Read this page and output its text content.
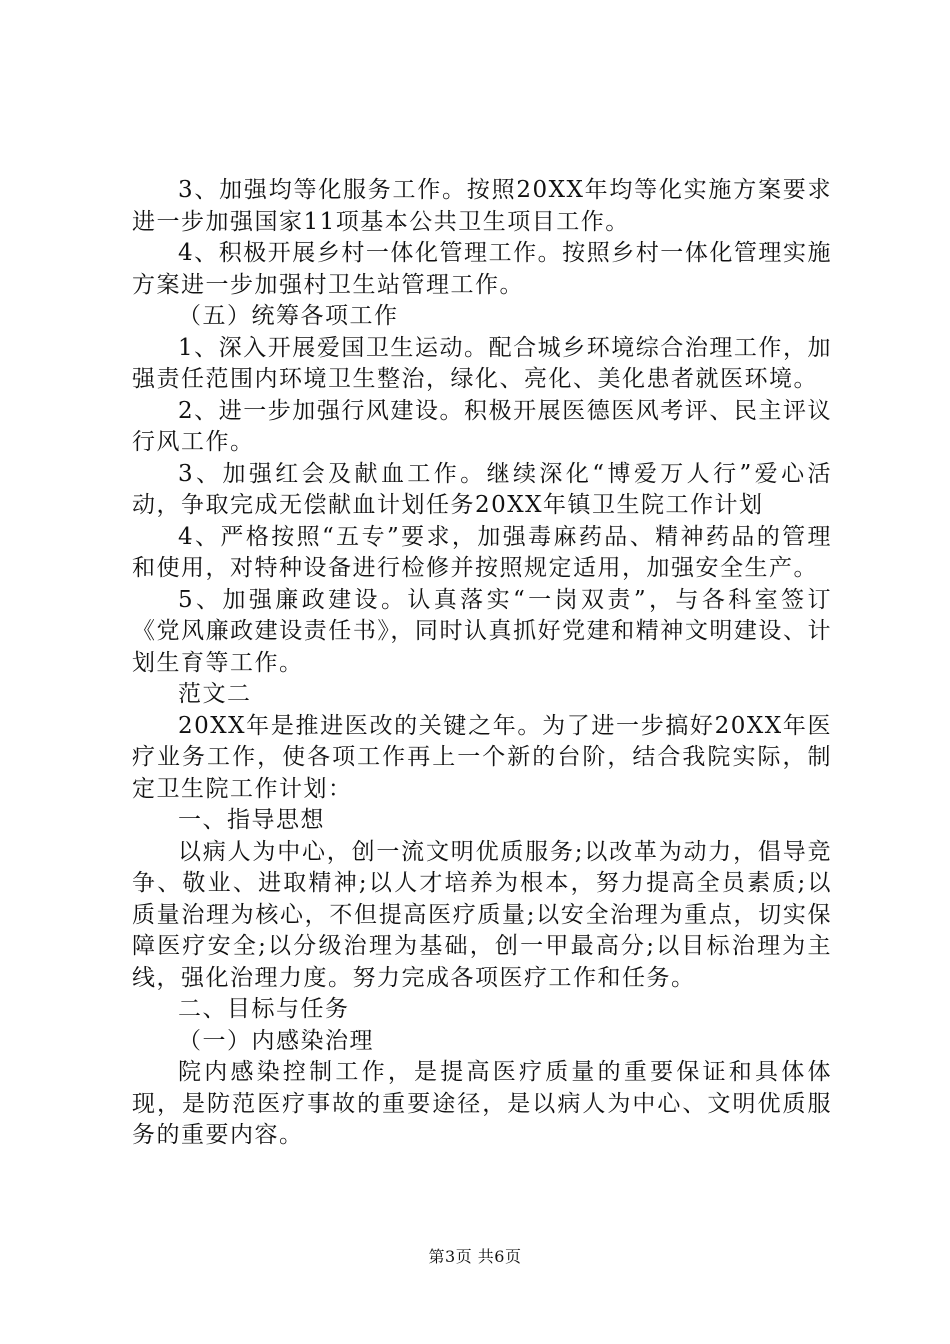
3、加强均等化服务工作。按照20XX年均等化实施方案要求进一步加强国家11项基本公共卫生项目工作。

4、积极开展乡村一体化管理工作。按照乡村一体化管理实施方案进一步加强村卫生站管理工作。

（五）统筹各项工作

1、深入开展爱国卫生运动。配合城乡环境综合治理工作，加强责任范围内环境卫生整治，绿化、亮化、美化患者就医环境。

2、进一步加强行风建设。积极开展医德医风考评、民主评议行风工作。

3、加强红会及献血工作。继续深化“博爱万人行”爱心活动，争取完成无偿献血计划任务20XX年镇卫生院工作计划

4、严格按照“五专”要求，加强毒麻药品、精神药品的管理和使用，对特种设备进行检修并按照规定适用，加强安全生产。

5、加强廉政建设。认真落实“一岗双责”，与各科室签订《党风廉政建设责任书》，同时认真抓好党建和精神文明建设、计划生育等工作。

范文二

20XX年是推进医改的关键之年。为了进一步搞好20XX年医疗业务工作，使各项工作再上一个新的台阶，结合我院实际，制定卫生院工作计划：

一、指导思想

以病人为中心，创一流文明优质服务;以改革为动力，倡导竞争、敬业、进取精神;以人才培养为根本，努力提高全员素质;以质量治理为核心，不但提高医疗质量;以安全治理为重点，切实保障医疗安全;以分级治理为基础，创一甲最高分;以目标治理为主线，强化治理力度。努力完成各项医疗工作和任务。

二、目标与任务

（一）内感染治理

院内感染控制工作，是提高医疗质量的重要保证和具体体现，是防范医疗事故的重要途径，是以病人为中心、文明优质服务的重要内容。

第3页 共6页
